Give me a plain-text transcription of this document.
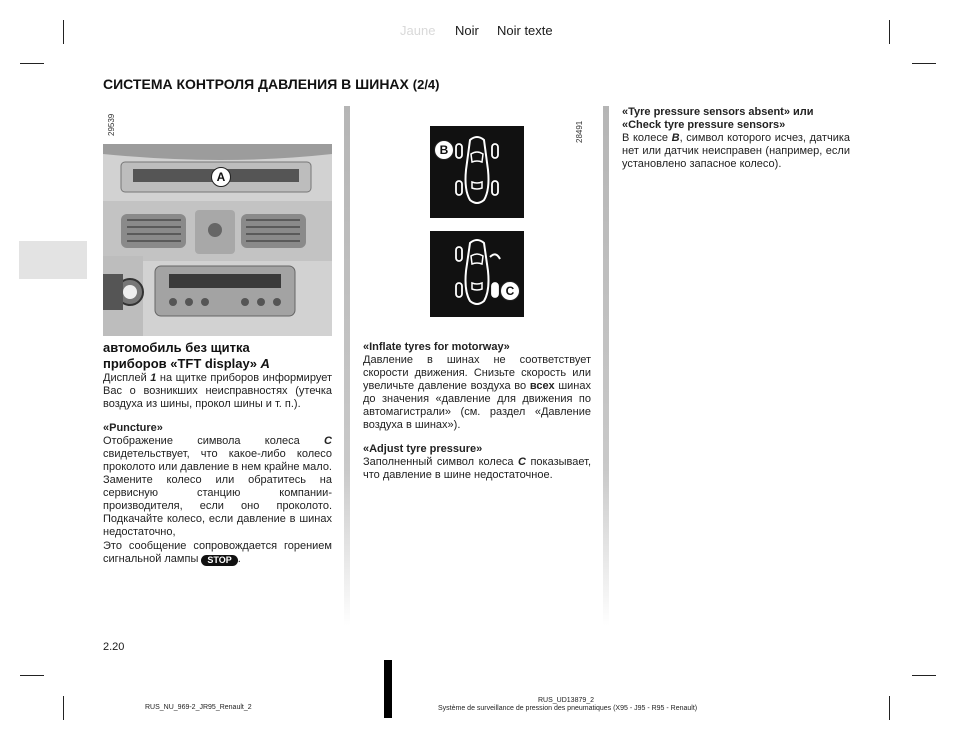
Jaune Noir Noir texte
СИСТЕМА КОНТРОЛЯ ДАВЛЕНИЯ В ШИНАХ (2/4)
29539
A
28491
B
C
автомобиль без щитка
приборов «TFT display» A

Дисплей 1 на щитке приборов информирует Вас о возникших неисправностях (утечка воздуха из шины, прокол шины и т. п.).

«Puncture»

Отображение символа колеса C свидетельствует, что какое-либо колесо проколото или давление в нем крайне мало. Замените колесо или обратитесь на сервисную станцию компании-производителя, если оно проколото. Подкачайте колесо, если давление в шинах недостаточно,

Это сообщение сопровождается горением сигнальной лампы STOP .

«Inflate tyres for motorway»

Давление в шинах не соответствует скорости движения. Снизьте скорость или увеличьте давление воздуха во всех шинах до значения «давление для движения по автомагистрали» (см. раздел «Давление воздуха в шинах»).

«Adjust tyre pressure»

Заполненный символ колеса C показывает, что давление в шине недостаточное.

«Tyre pressure sensors absent» или
«Check tyre pressure sensors»

В колесе B, символ которого исчез, датчика нет или датчик неисправен (например, если установлено запасное колесо).

2.20
RUS_NU_969-2_JR95_Renault_2
RUS_UD13879_2
Système de surveillance de pression des pneumatiques (X95 - J95 - R95 - Renault)
